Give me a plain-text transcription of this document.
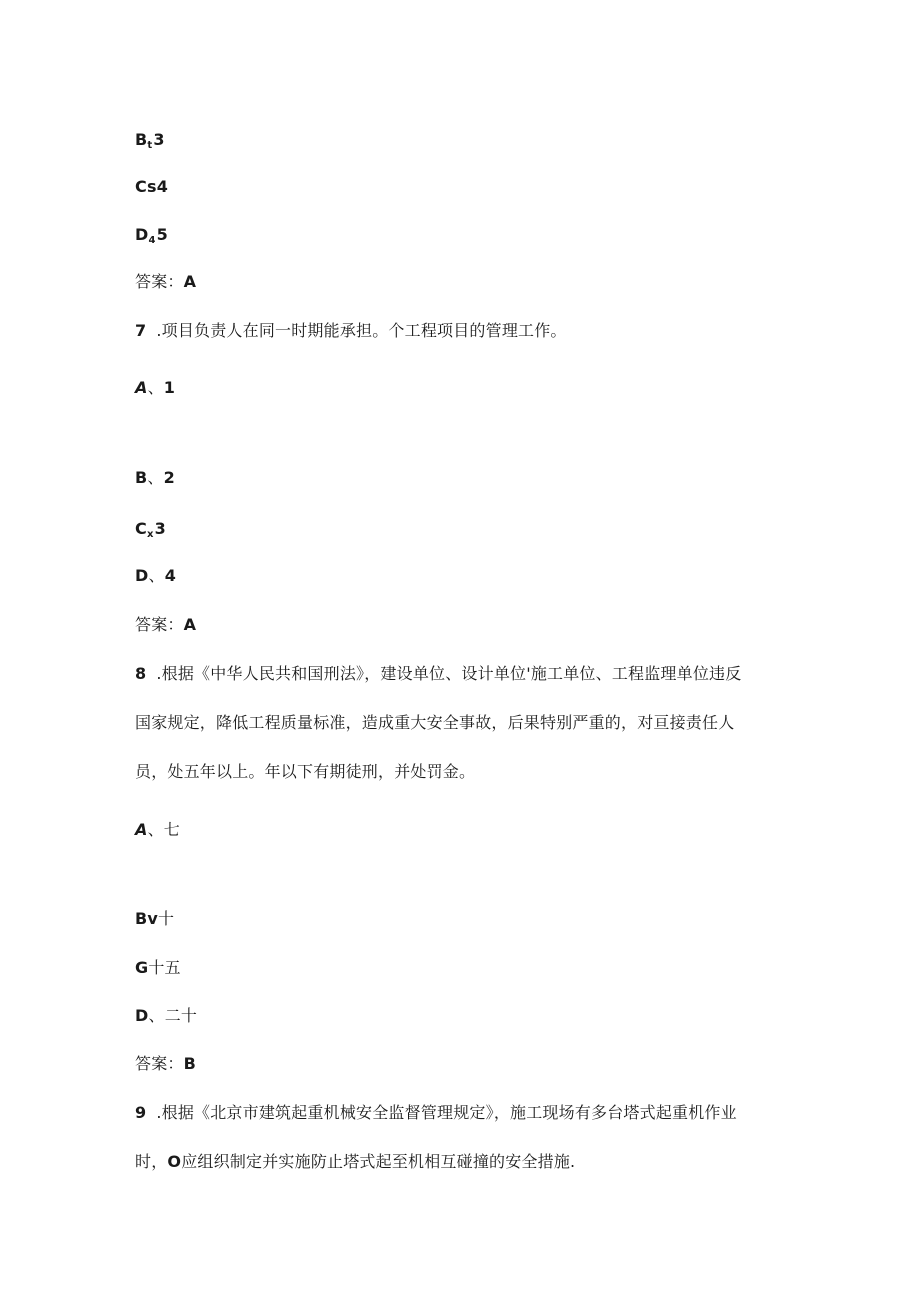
$B_t3$
Cs4
$D_45$
答案：A
7 .项目负责人在同一时期能承担。个工程项目的管理工作。
A、1
B、2
$C_x3$
D、4
答案：A
8 .根据《中华人民共和国刑法》，建设单位、设计单位'施工单位、工程监理单位违反
国家规定，降低工程质量标准，造成重大安全事故，后果特别严重的，对亘接责任人
员，处五年以上。年以下有期徒刑，并处罚金。
A、七
Bv十
G十五
D、二十
答案：B
9 .根据《北京市建筑起重机械安全监督管理规定》，施工现场有多台塔式起重机作业
时，O应组织制定并实施防止塔式起至机相互碰撞的安全措施.
